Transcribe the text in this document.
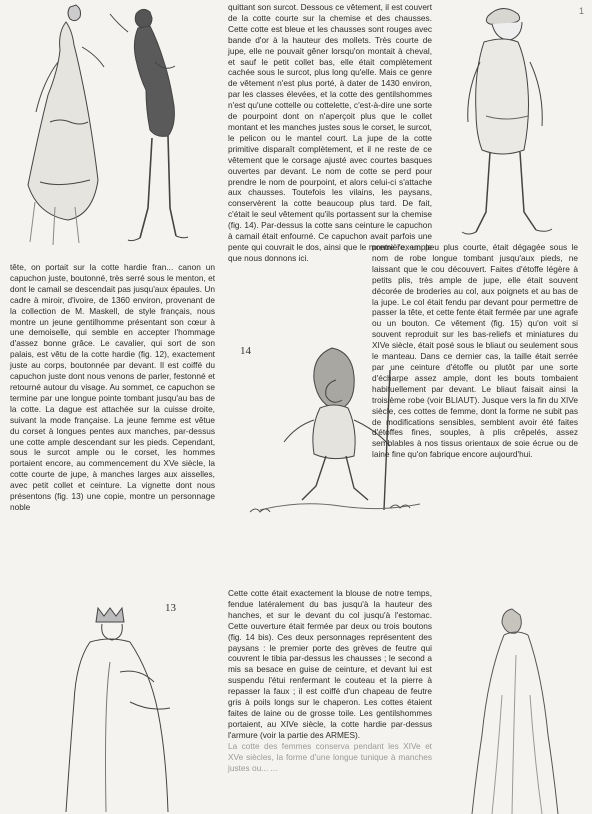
1

tête, on portait sur la cotte hardie fran... canon un capuchon juste, boutonné, très serré sous le menton, et dont le camail se descendait pas jusqu'aux épaules. Un cadre à miroir, d'ivoire, de 1360 environ, provenant de la collection de M. Maskell, de style français, nous montre un jeune gentilhomme présentant son cœur à une demoiselle, qui semble en accepter l'hommage d'assez bonne grâce. Le cavalier, qui sort de son palais, est vêtu de la cotte hardie (fig. 12), exactement juste au corps, boutonnée par devant. Il est coiffé du capuchon juste dont nous venons de parler, festonné et retourné autour du visage. Au sommet, ce capuchon se termine par une longue pointe tombant jusqu'au bas de la cotte. La dague est attachée sur la cuisse droite, suivant la mode française. La jeune femme est vêtue du corset à longues pentes aux manches, par-dessus une cotte ample descendant sur les pieds. Cependant, sous le surcot ample ou le corset, les hommes portaient encore, au commencement du XVe siècle, la cotte courte de jupe, à manches larges aux aisselles, avec petit collet et ceinture. La vignette dont nous présentons (fig. 13) une copie, montre un personnage noble

quittant son surcot. Dessous ce vêtement, il est couvert de la cotte courte sur la chemise et des chausses. Cette cotte est bleue et les chausses sont rouges avec bande d'or à la hauteur des mollets. Très courte de jupe, elle ne pouvait gêner lorsqu'on montait à cheval, et sauf le petit collet bas, elle était complètement cachée sous le surcot, plus long qu'elle. Mais ce genre de vêtement n'est plus porté, à dater de 1430 environ, par les classes élevées, et la cotte des gentilshommes n'est qu'une cottelle ou cottelette, c'est-à-dire une sorte de pourpoint dont on n'aperçoit plus que le collet montant et les manches justes sous le corset, le surcot, le pelicon ou le mantel court. La jupe de la cotte primitive disparaît complètement, et il ne reste de ce vêtement que le corsage ajusté avec courtes basques ouvertes par devant. Le nom de cotte se perd pour prendre le nom de pourpoint, et alors celui-ci s'attache aux chausses. Toutefois les vilains, les paysans, conservèrent la cotte beaucoup plus tard. De fait, c'était le seul vêtement qu'ils portassent sur la chemise (fig. 14). Par-dessus la cotte sans ceinture le capuchon à camail était enfourné. Ce capuchon avait parfois une pente qui couvrait le dos, ainsi que le montre l'exemple que nous donnons ici.

14

Cette cotte était exactement la blouse de notre temps, fendue latéralement du bas jusqu'à la hauteur des hanches, et sur le devant du col jusqu'à l'estomac. Cette ouverture était fermée par deux ou trois boutons (fig. 14 bis). Ces deux personnages représentent des paysans : le premier porte des grèves de feutre qui couvrent le tibia par-dessus les chausses ; le second a mis sa besace en guise de ceinture, et devant lui est suspendu l'étui renfermant le couteau et la pierre à repasser la faux ; il est coiffé d'un chapeau de feutre gris à poils longs sur le chaperon. Les cottes étaient faites de laine ou de grosse toile. Les gentilshommes portaient, au XIVe siècle, la cotte hardie par-dessus l'armure (voir la partie des ARMES).

La cotte des femmes conserva pendant les XIVe et XVe siècles, la forme d'une longue tunique à manches justes ou... ...

première, un peu plus courte, était dégagée sous le nom de robe longue tombant jusqu'aux pieds, ne laissant que le cou découvert. Faites d'étoffe légère à petits plis, très ample de jupe, elle était souvent décorée de broderies au col, aux poignets et au bas de la jupe. Le col était fendu par devant pour permettre de passer la tête, et cette fente était fermée par une agrafe ou un bouton. Ce vêtement (fig. 15) qu'on voit si souvent reproduit sur les bas-reliefs et miniatures du XIVe siècle, était posé sous le bliaut ou seulement sous le manteau. Dans ce dernier cas, la taille était serrée par une ceinture d'étoffe ou plutôt par une sorte d'écharpe assez ample, dont les bouts tombaient habituellement par devant. Le bliaut faisait ainsi la troisième robe (voir BLIAUT). Jusque vers la fin du XIVe siècle, ces cottes de femme, dont la forme ne subit pas de modifications sensibles, semblent avoir été faites d'étoffes fines, souples, à plis crêpelés, assez semblables à nos tissus orientaux de soie écrue ou de laine fine qu'on fabrique encore aujourd'hui.

13
